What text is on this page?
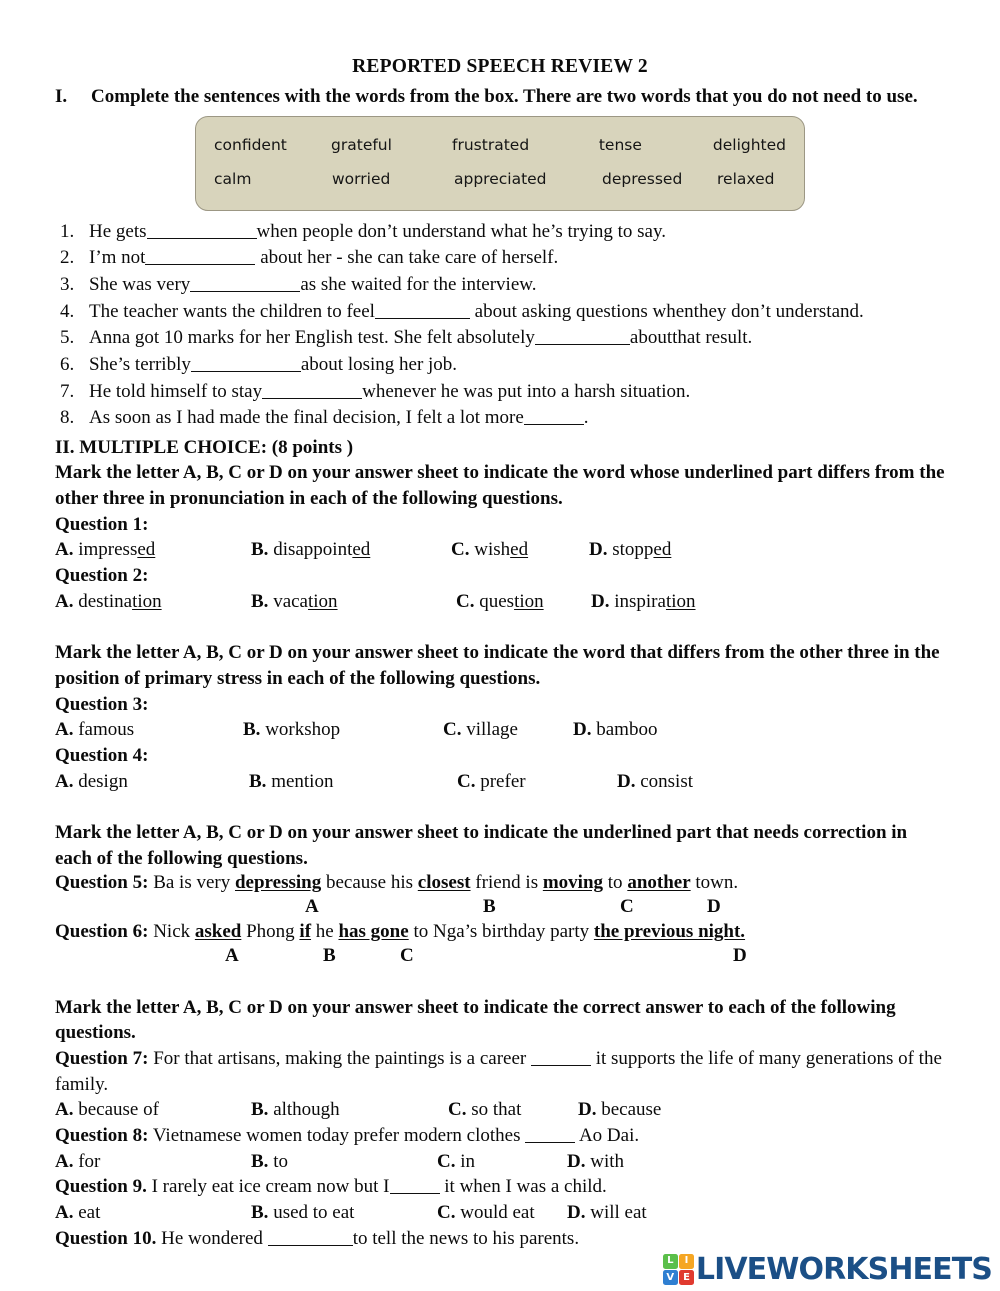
REPORTED SPEECH REVIEW 2
I.	Complete the sentences with the words from the box. There are two words that you do not need to use.
confident	grateful	frustrated	tense	delighted
calm	worried	appreciated	depressed	relaxed
1. He gets	when people don’t understand what he’s trying to say.
2. I’m not	about her - she can take care of herself.
3. She was very	as she waited for the interview.
4. The teacher wants the children to feel	about asking questions whenthey don’t understand.
5. Anna got 10 marks for her English test. She felt absolutely	aboutthat result.
6. She’s terribly	about losing her job.
7. He told himself to stay	whenever he was put into a harsh situation.
8. As soon as I had made the final decision, I felt a lot more	.
II. MULTIPLE CHOICE: (8 points )
Mark the letter A, B, C or D on your answer sheet to indicate the word whose underlined part differs from the other three in pronunciation in each of the following questions.
Question 1:
A. impressed	B. disappointed	C. wished	D. stopped
Question 2:
A. destination	B. vacation	C. question	D. inspiration
Mark the letter A, B, C or D on your answer sheet to indicate the word that differs from the other three in the position of primary stress in each of the following questions.
Question 3:
A. famous	B. workshop	C. village	D. bamboo
Question 4:
A. design	B. mention	C. prefer	D. consist
Mark the letter A, B, C or D on your answer sheet to indicate the underlined part that needs correction in each of the following questions.
Question 5: Ba is very depressing because his closest friend is moving to another town.
A	B	C	D
Question 6: Nick asked Phong if he has gone to Nga’s birthday party the previous night.
A	B	C	D
Mark the letter A, B, C or D on your answer sheet to indicate the correct answer to each of the following questions.
Question 7: For that artisans, making the paintings is a career	it supports the life of many generations of the family.
A. because of	B. although	C. so that	D. because
Question 8: Vietnamese women today prefer modern clothes	Ao Dai.
A. for	B. to	C. in	D. with
Question 9. I rarely eat ice cream now but I	it when I was a child.
A. eat	B. used to eat	C. would eat	D. will eat
Question 10. He wondered	to tell the news to his parents.
L	I
V E LIVEWORKSHEETS
